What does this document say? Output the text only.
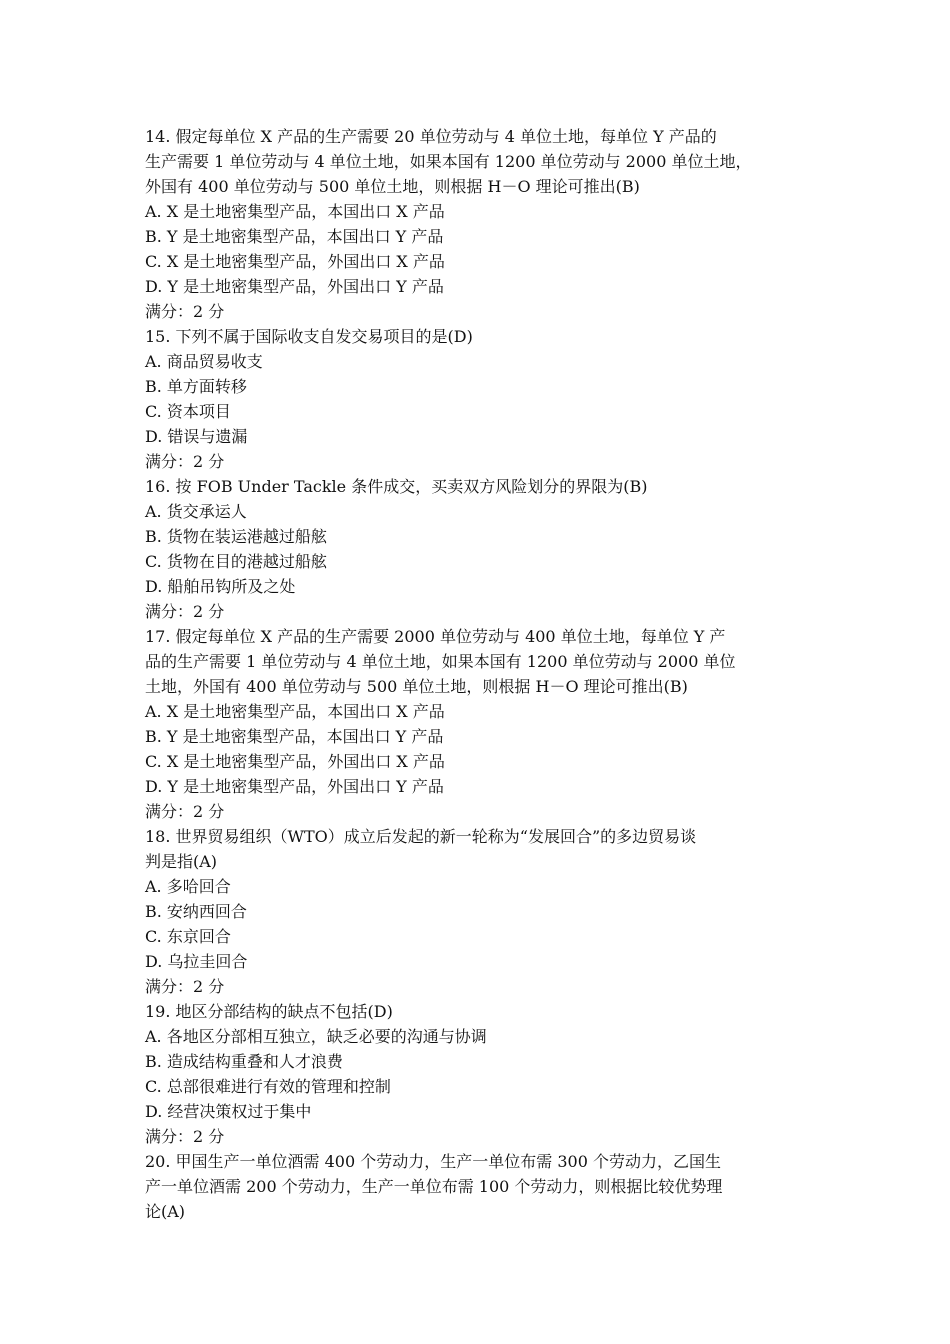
14. 假定每单位 X 产品的生产需要 20 单位劳动与 4 单位土地，每单位 Y 产品的
生产需要 1 单位劳动与 4 单位土地，如果本国有 1200 单位劳动与 2000 单位土地，
外国有 400 单位劳动与 500 单位土地，则根据 H－O 理论可推出(B)
A. X 是土地密集型产品，本国出口 X 产品
B. Y 是土地密集型产品，本国出口 Y 产品
C. X 是土地密集型产品，外国出口 X 产品
D. Y 是土地密集型产品，外国出口 Y 产品
满分：2 分
15. 下列不属于国际收支自发交易项目的是(D)
A. 商品贸易收支
B. 单方面转移
C. 资本项目
D. 错误与遗漏
满分：2 分
16. 按 FOB Under Tackle 条件成交，买卖双方风险划分的界限为(B)
A. 货交承运人
B. 货物在装运港越过船舷
C. 货物在目的港越过船舷
D. 船舶吊钩所及之处
满分：2 分
17. 假定每单位 X 产品的生产需要 2000 单位劳动与 400 单位土地，每单位 Y 产
品的生产需要 1 单位劳动与 4 单位土地，如果本国有 1200 单位劳动与 2000 单位
土地，外国有 400 单位劳动与 500 单位土地，则根据 H－O 理论可推出(B)
A. X 是土地密集型产品，本国出口 X 产品
B. Y 是土地密集型产品，本国出口 Y 产品
C. X 是土地密集型产品，外国出口 X 产品
D. Y 是土地密集型产品，外国出口 Y 产品
满分：2 分
18. 世界贸易组织（WTO）成立后发起的新一轮称为“发展回合”的多边贸易谈
判是指(A)
A. 多哈回合
B. 安纳西回合
C. 东京回合
D. 乌拉圭回合
满分：2 分
19. 地区分部结构的缺点不包括(D)
A. 各地区分部相互独立，缺乏必要的沟通与协调
B. 造成结构重叠和人才浪费
C. 总部很难进行有效的管理和控制
D. 经营决策权过于集中
满分：2 分
20. 甲国生产一单位酒需 400 个劳动力，生产一单位布需 300 个劳动力，乙国生
产一单位酒需 200 个劳动力，生产一单位布需 100 个劳动力，则根据比较优势理
论(A)
